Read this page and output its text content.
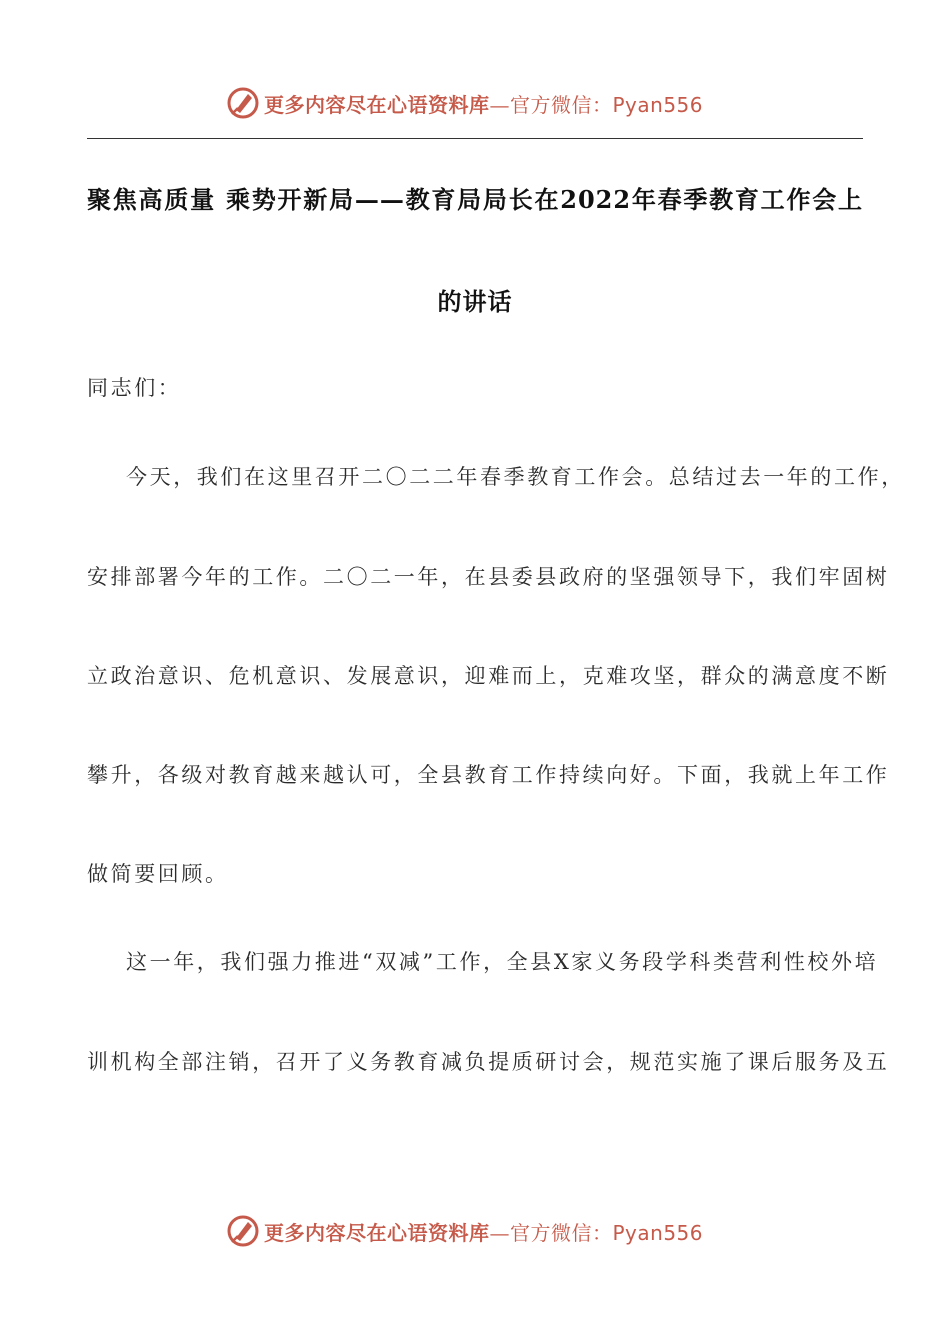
更多内容尽在心语资料库—官方微信：Pyan556
聚焦高质量 乘势开新局——教育局局长在2022年春季教育工作会上
的讲话
同志们：
今天，我们在这里召开二〇二二年春季教育工作会。总结过去一年的工作，
安排部署今年的工作。二〇二一年，在县委县政府的坚强领导下，我们牢固树
立政治意识、危机意识、发展意识，迎难而上，克难攻坚，群众的满意度不断
攀升，各级对教育越来越认可，全县教育工作持续向好。下面，我就上年工作
做简要回顾。
这一年，我们强力推进“双减”工作，全县X家义务段学科类营利性校外培
训机构全部注销，召开了义务教育减负提质研讨会，规范实施了课后服务及五
更多内容尽在心语资料库—官方微信：Pyan556
